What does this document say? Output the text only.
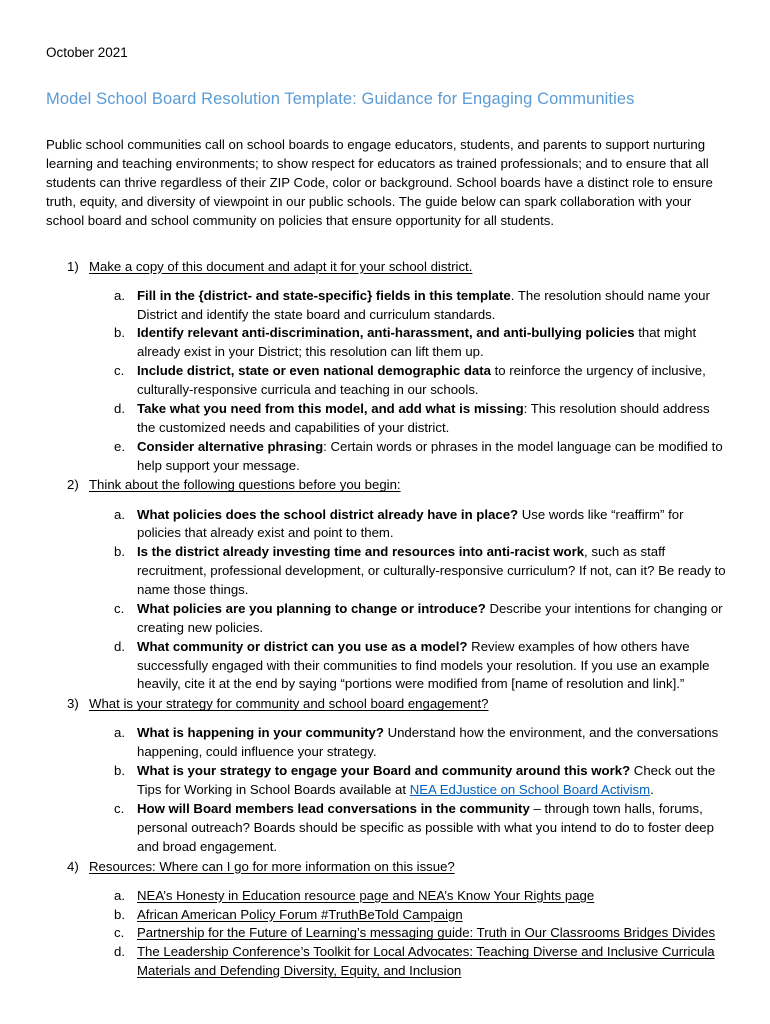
October 2021
Model School Board Resolution Template: Guidance for Engaging Communities

Public school communities call on school boards to engage educators, students, and parents to support nurturing learning and teaching environments; to show respect for educators as trained professionals; and to ensure that all students can thrive regardless of their ZIP Code, color or background. School boards have a distinct role to ensure truth, equity, and diversity of viewpoint in our public schools. The guide below can spark collaboration with your school board and school community on policies that ensure opportunity for all students.

1) Make a copy of this document and adapt it for your school district.
a. Fill in the {district- and state-specific} fields in this template. The resolution should name your District and identify the state board and curriculum standards.
b. Identify relevant anti-discrimination, anti-harassment, and anti-bullying policies that might already exist in your District; this resolution can lift them up.
c. Include district, state or even national demographic data to reinforce the urgency of inclusive, culturally-responsive curricula and teaching in our schools.
d. Take what you need from this model, and add what is missing: This resolution should address the customized needs and capabilities of your district.
e. Consider alternative phrasing: Certain words or phrases in the model language can be modified to help support your message.
2) Think about the following questions before you begin:
a. What policies does the school district already have in place? Use words like “reaffirm” for policies that already exist and point to them.
b. Is the district already investing time and resources into anti-racist work, such as staff recruitment, professional development, or culturally-responsive curriculum? If not, can it? Be ready to name those things.
c. What policies are you planning to change or introduce? Describe your intentions for changing or creating new policies.
d. What community or district can you use as a model? Review examples of how others have successfully engaged with their communities to find models your resolution. If you use an example heavily, cite it at the end by saying “portions were modified from [name of resolution and link].”
3) What is your strategy for community and school board engagement?
a. What is happening in your community? Understand how the environment, and the conversations happening, could influence your strategy.
b. What is your strategy to engage your Board and community around this work? Check out the Tips for Working in School Boards available at NEA EdJustice on School Board Activism.
c. How will Board members lead conversations in the community – through town halls, forums, personal outreach? Boards should be specific as possible with what you intend to do to foster deep and broad engagement.
4) Resources: Where can I go for more information on this issue?
a. NEA’s Honesty in Education resource page and NEA’s Know Your Rights page
b. African American Policy Forum #TruthBeTold Campaign
c. Partnership for the Future of Learning’s messaging guide: Truth in Our Classrooms Bridges Divides
d. The Leadership Conference’s Toolkit for Local Advocates: Teaching Diverse and Inclusive Curricula Materials and Defending Diversity, Equity, and Inclusion
